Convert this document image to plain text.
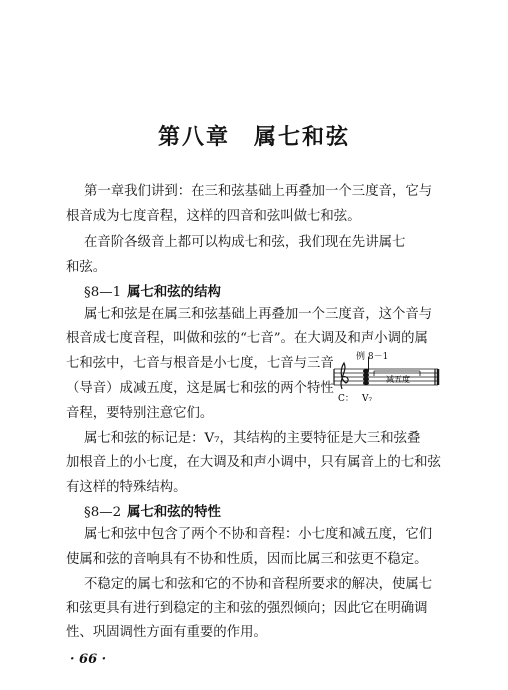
第八章　属七和弦
第一章我们讲到：在三和弦基础上再叠加一个三度音，它与
根音成为七度音程，这样的四音和弦叫做七和弦。
在音阶各级音上都可以构成七和弦，我们现在先讲属七
和弦。
§8—1 属七和弦的结构
属七和弦是在属三和弦基础上再叠加一个三度音，这个音与
根音成七度音程，叫做和弦的“七音”。在大调及和声小调的属
七和弦中，七音与根音是小七度，七音与三音
（导音）成减五度，这是属七和弦的两个特性
音程，要特别注意它们。
例 8－1
减五度
C： V₇
属七和弦的标记是：V₇，其结构的主要特征是大三和弦叠
加根音上的小七度，在大调及和声小调中，只有属音上的七和弦
有这样的特殊结构。
§8—2 属七和弦的特性
属七和弦中包含了两个不协和音程：小七度和减五度，它们
使属和弦的音响具有不协和性质，因而比属三和弦更不稳定。
不稳定的属七和弦和它的不协和音程所要求的解决，使属七
和弦更具有进行到稳定的主和弦的强烈倾向；因此它在明确调
性、巩固调性方面有重要的作用。
· 66 ·
